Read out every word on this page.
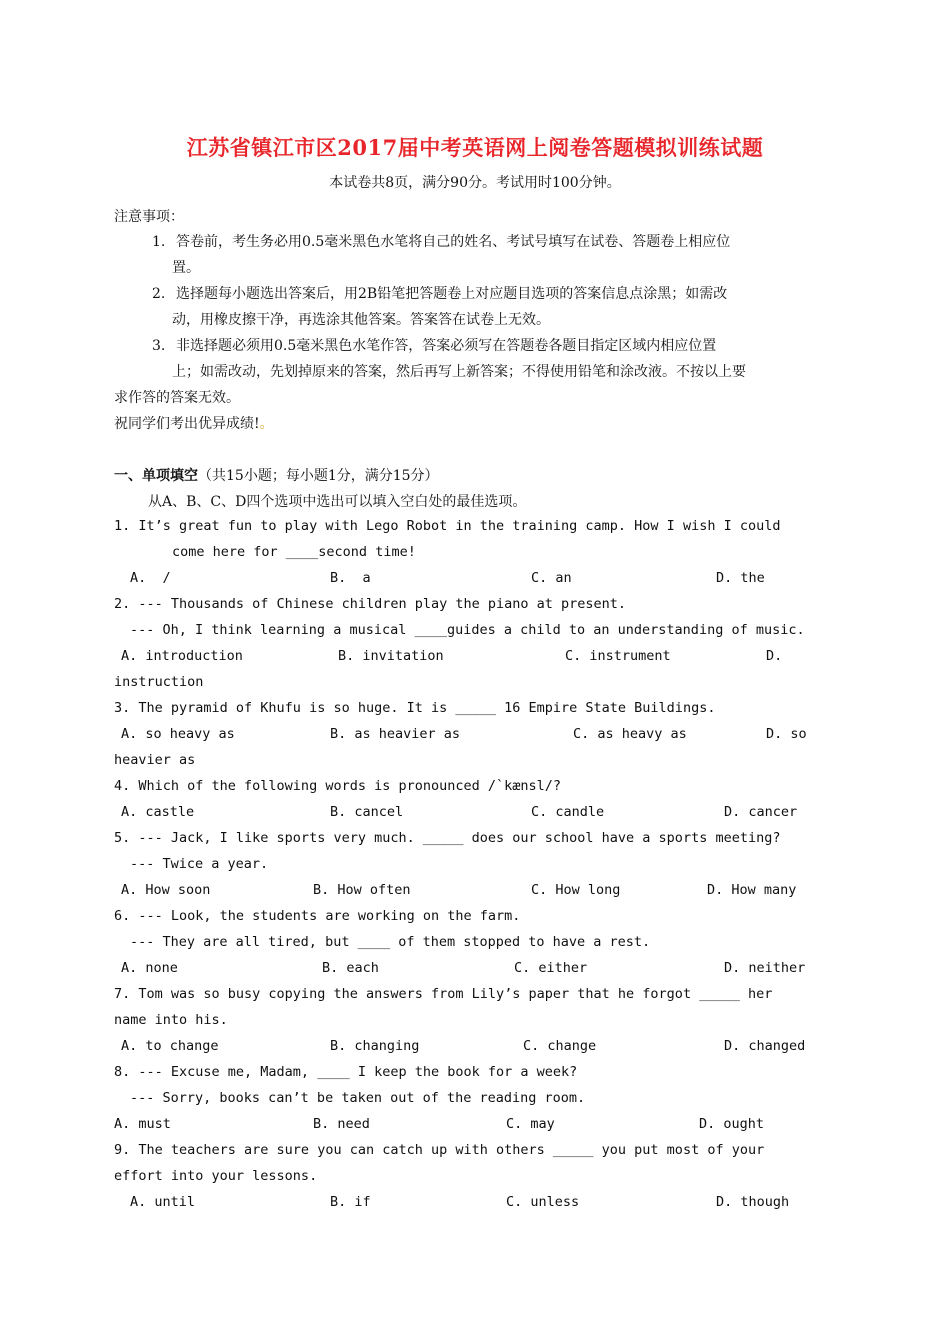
江苏省镇江市区2017届中考英语网上阅卷答题模拟训练试题
本试卷共8页，满分90分。考试用时100分钟。
注意事项：
1. 答卷前，考生务必用0.5毫米黑色水笔将自己的姓名、考试号填写在试卷、答题卷上相应位
置。
2. 选择题每小题选出答案后，用2B铅笔把答题卷上对应题目选项的答案信息点涂黑；如需改
动，用橡皮擦干净，再选涂其他答案。答案答在试卷上无效。
3. 非选择题必须用0.5毫米黑色水笔作答，答案必须写在答题卷各题目指定区域内相应位置
上；如需改动，先划掉原来的答案，然后再写上新答案；不得使用铅笔和涂改液。不按以上要
求作答的答案无效。
祝同学们考出优异成绩!。
一、单项填空（共15小题；每小题1分，满分15分）
从A、B、C、D四个选项中选出可以填入空白处的最佳选项。
1. It’s great fun to play with Lego Robot in the training camp. How I wish I could
come here for ____second time!
A.  /	B.  a	C. an	D. the
2. --- Thousands of Chinese children play the piano at present.
--- Oh, I think learning a musical ____guides a child to an understanding of music.
A. introduction	B. invitation	C. instrument	D.
instruction
3. The pyramid of Khufu is so huge. It is _____ 16 Empire State Buildings.
A. so heavy as	B. as heavier as	C. as heavy as	D. so
heavier as
4. Which of the following words is pronounced /`kænsl/?
A. castle	B. cancel	C. candle	D. cancer
5. --- Jack, I like sports very much. _____ does our school have a sports meeting?
--- Twice a year.
A. How soon	B. How often	C. How long	D. How many
6. --- Look, the students are working on the farm.
--- They are all tired, but ____ of them stopped to have a rest.
A. none	B. each	C. either	D. neither
7. Tom was so busy copying the answers from Lily’s paper that he forgot _____ her
name into his.
A. to change	B. changing	C. change	D. changed
8. --- Excuse me, Madam, ____ I keep the book for a week?
--- Sorry, books can’t be taken out of the reading room.
A. must	B. need	C. may	D. ought
9. The teachers are sure you can catch up with others _____ you put most of your
effort into your lessons.
A. until	B. if	C. unless	D. though
